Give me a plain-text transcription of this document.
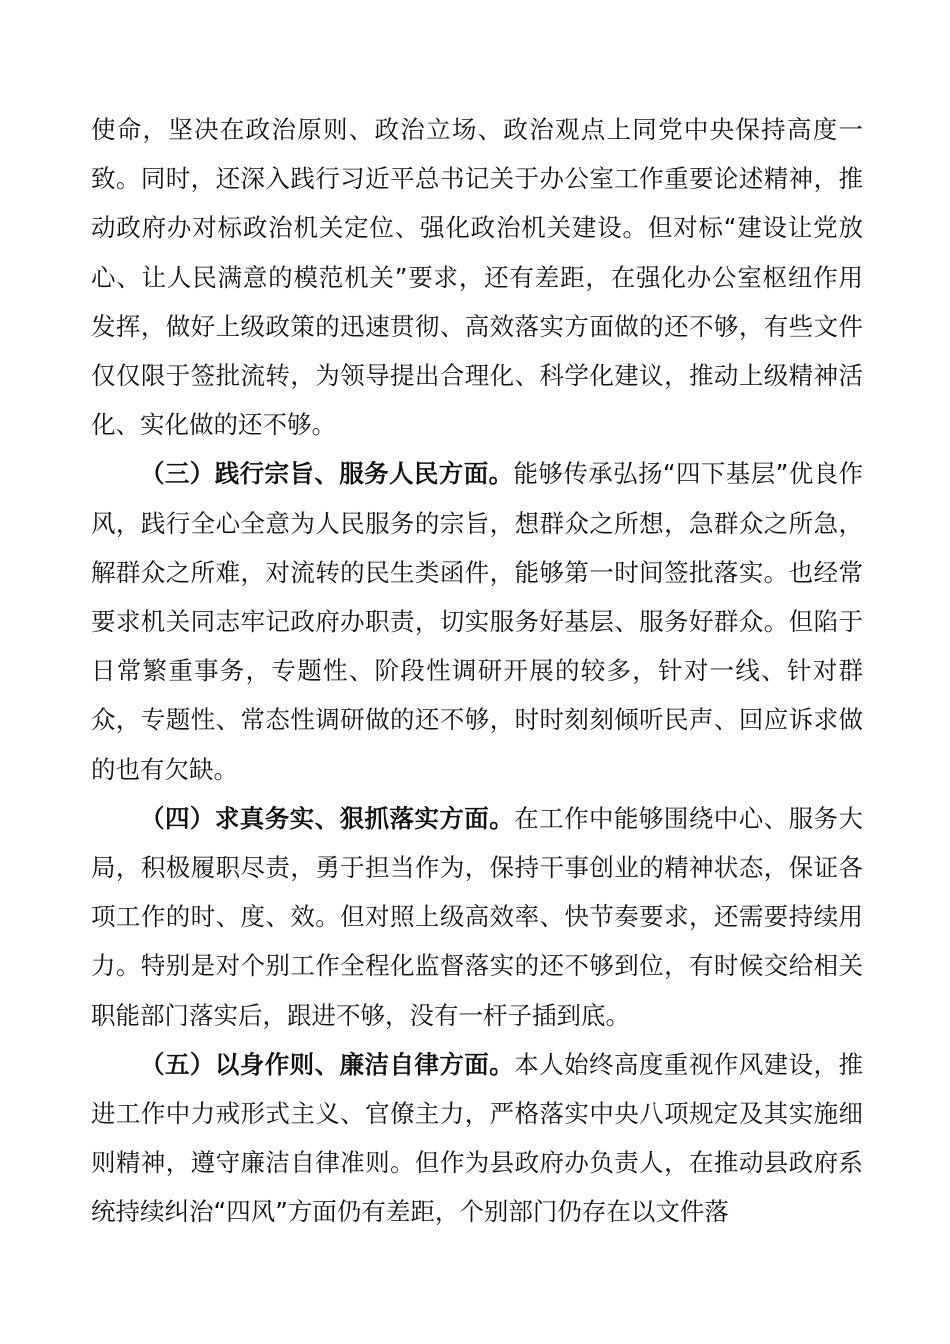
使命，坚决在政治原则、政治立场、政治观点上同党中央保持高度一致。同时，还深入践行习近平总书记关于办公室工作重要论述精神，推动政府办对标政治机关定位、强化政治机关建设。但对标“建设让党放心、让人民满意的模范机关”要求，还有差距，在强化办公室枢纽作用发挥，做好上级政策的迅速贯彻、高效落实方面做的还不够，有些文件仅仅限于签批流转，为领导提出合理化、科学化建议，推动上级精神活化、实化做的还不够。

（三）践行宗旨、服务人民方面。能够传承弘扬“四下基层”优良作风，践行全心全意为人民服务的宗旨，想群众之所想，急群众之所急，解群众之所难，对流转的民生类函件，能够第一时间签批落实。也经常要求机关同志牢记政府办职责，切实服务好基层、服务好群众。但陷于日常繁重事务，专题性、阶段性调研开展的较多，针对一线、针对群众，专题性、常态性调研做的还不够，时时刻刻倾听民声、回应诉求做的也有欠缺。

（四）求真务实、狠抓落实方面。在工作中能够围绕中心、服务大局，积极履职尽责，勇于担当作为，保持干事创业的精神状态，保证各项工作的时、度、效。但对照上级高效率、快节奏要求，还需要持续用力。特别是对个别工作全程化监督落实的还不够到位，有时候交给相关职能部门落实后，跟进不够，没有一杆子插到底。

（五）以身作则、廉洁自律方面。本人始终高度重视作风建设，推进工作中力戒形式主义、官僚主力，严格落实中央八项规定及其实施细则精神，遵守廉洁自律准则。但作为县政府办负责人，在推动县政府系统持续纠治“四风”方面仍有差距，个别部门仍存在以文件落
